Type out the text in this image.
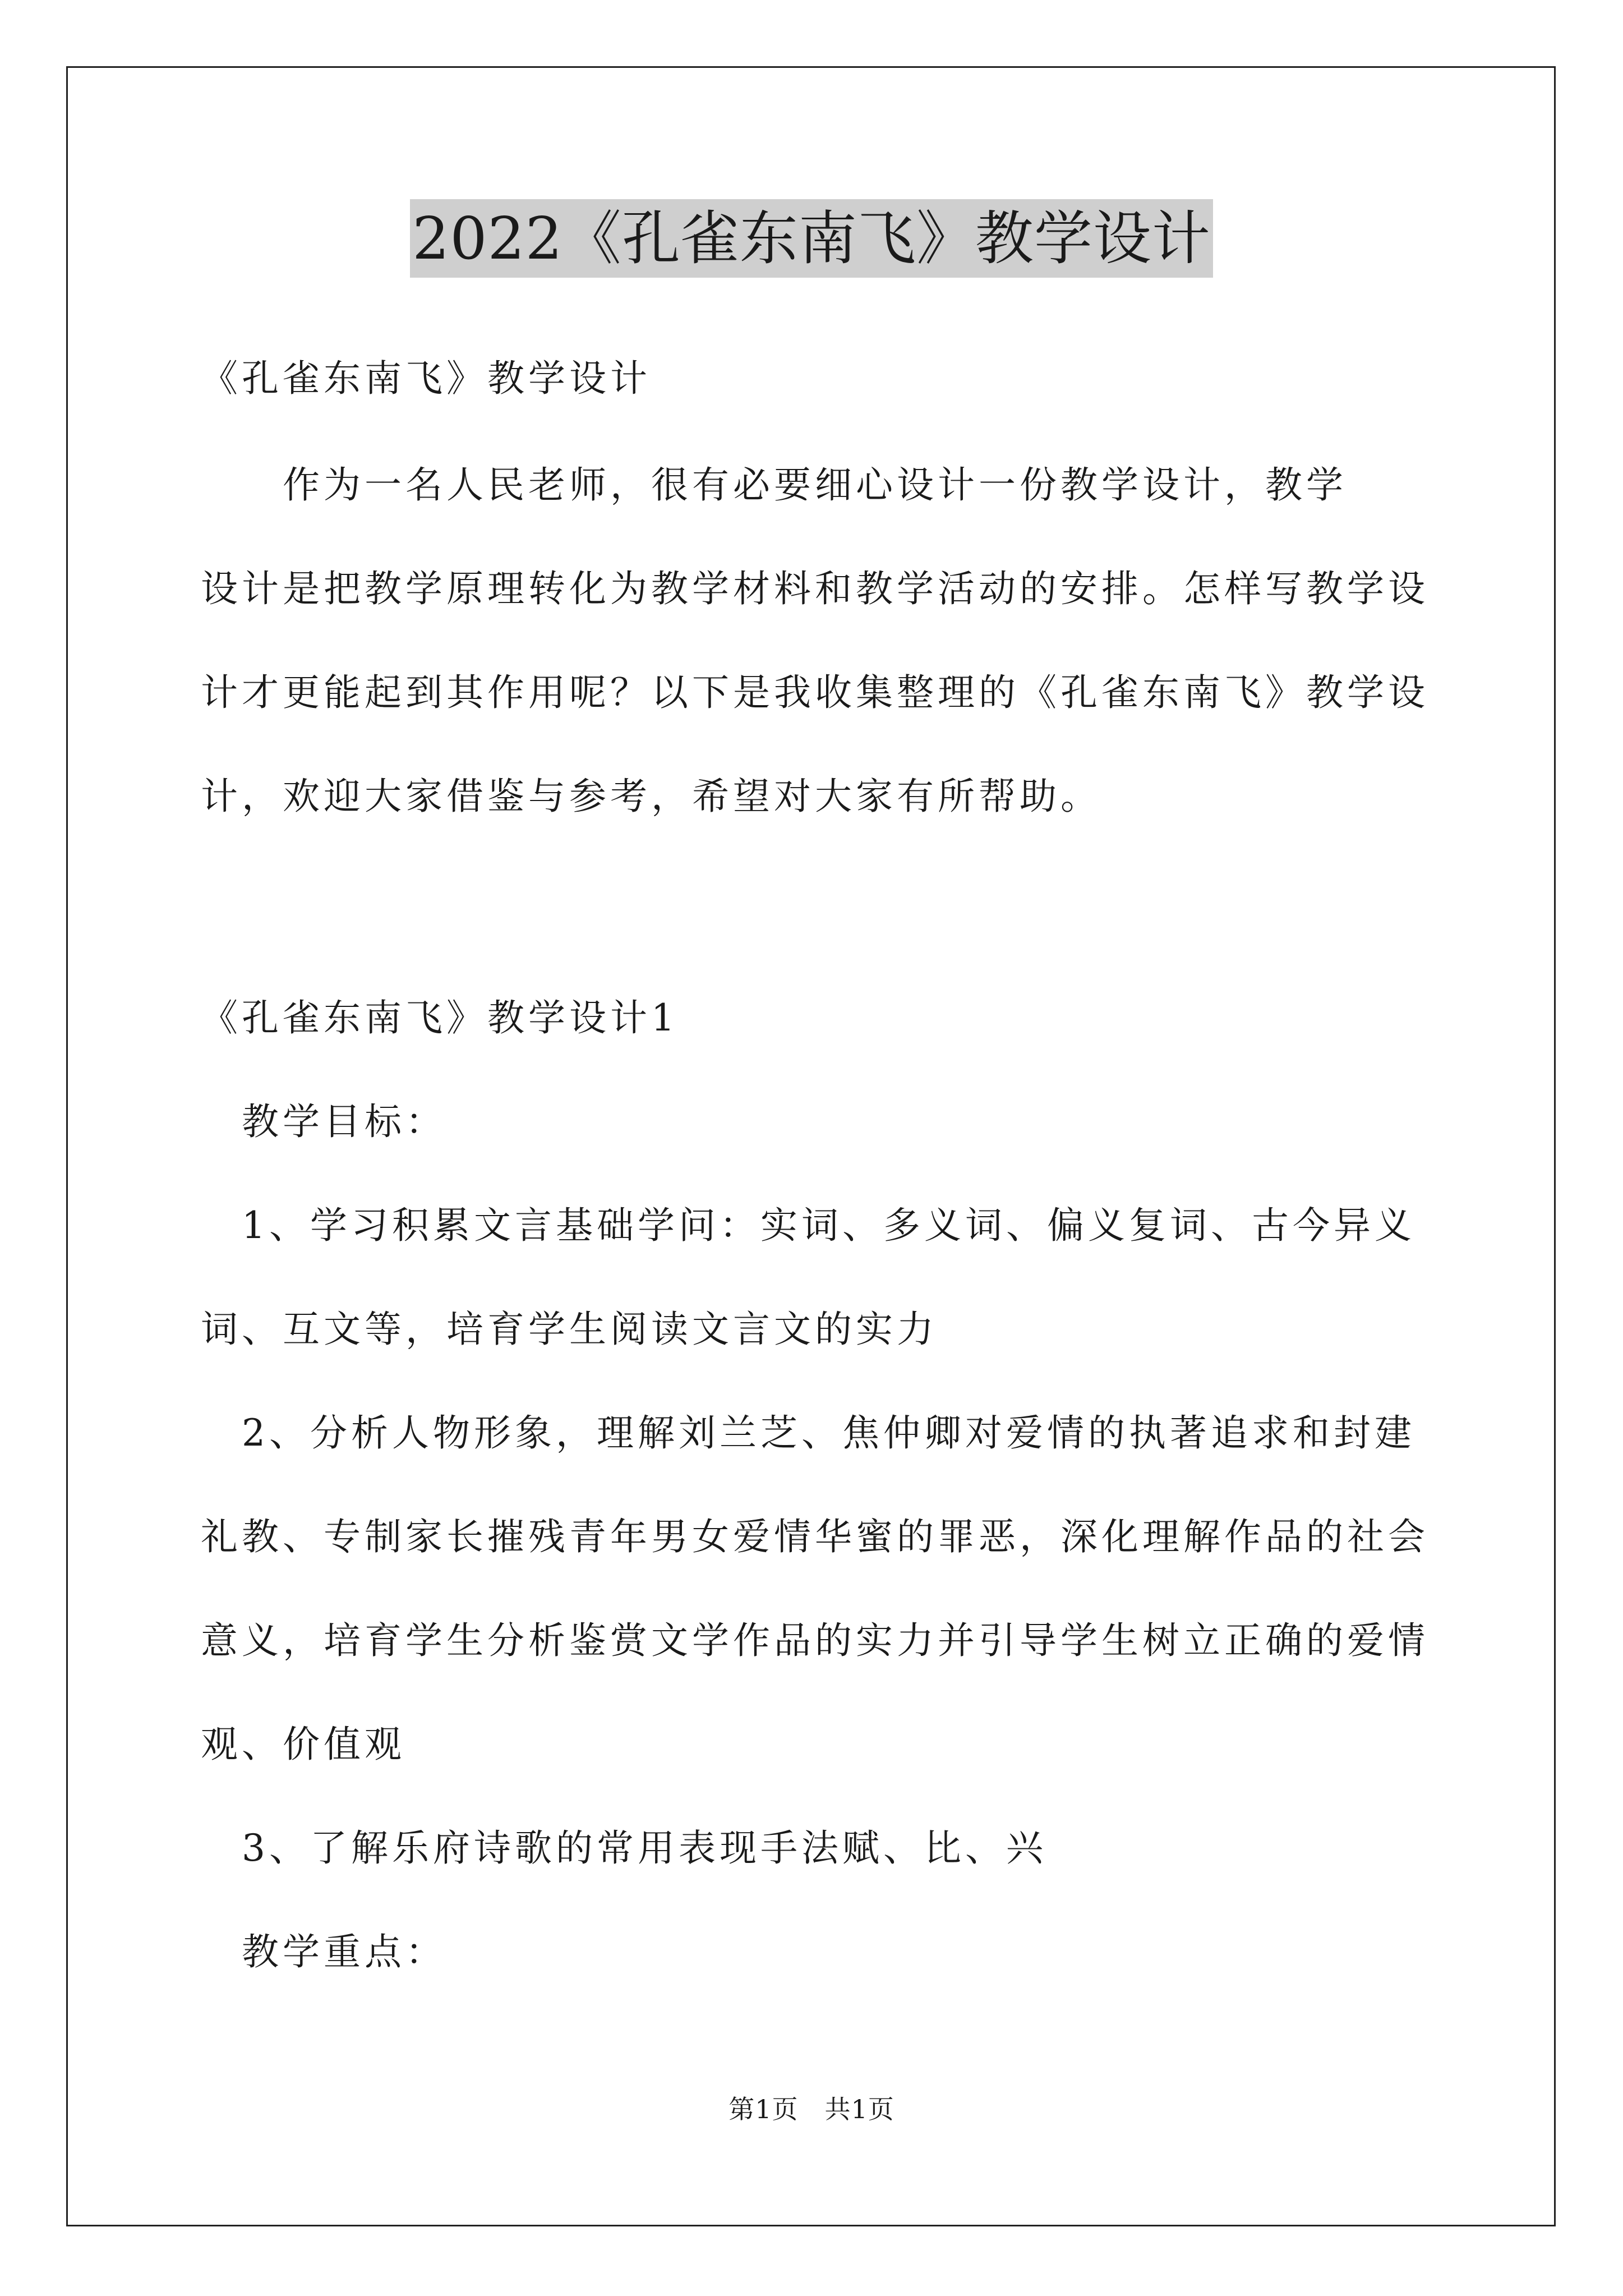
2022《孔雀东南飞》教学设计
《孔雀东南飞》教学设计
　　作为一名人民老师，很有必要细心设计一份教学设计，教学
设计是把教学原理转化为教学材料和教学活动的安排。怎样写教学设
计才更能起到其作用呢？以下是我收集整理的《孔雀东南飞》教学设
计，欢迎大家借鉴与参考，希望对大家有所帮助。
《孔雀东南飞》教学设计1
　教学目标：
　1、学习积累文言基础学问：实词、多义词、偏义复词、古今异义
词、互文等，培育学生阅读文言文的实力
　2、分析人物形象，理解刘兰芝、焦仲卿对爱情的执著追求和封建
礼教、专制家长摧残青年男女爱情华蜜的罪恶，深化理解作品的社会
意义，培育学生分析鉴赏文学作品的实力并引导学生树立正确的爱情
观、价值观
　3、了解乐府诗歌的常用表现手法赋、比、兴
　教学重点：
第1页　共1页
